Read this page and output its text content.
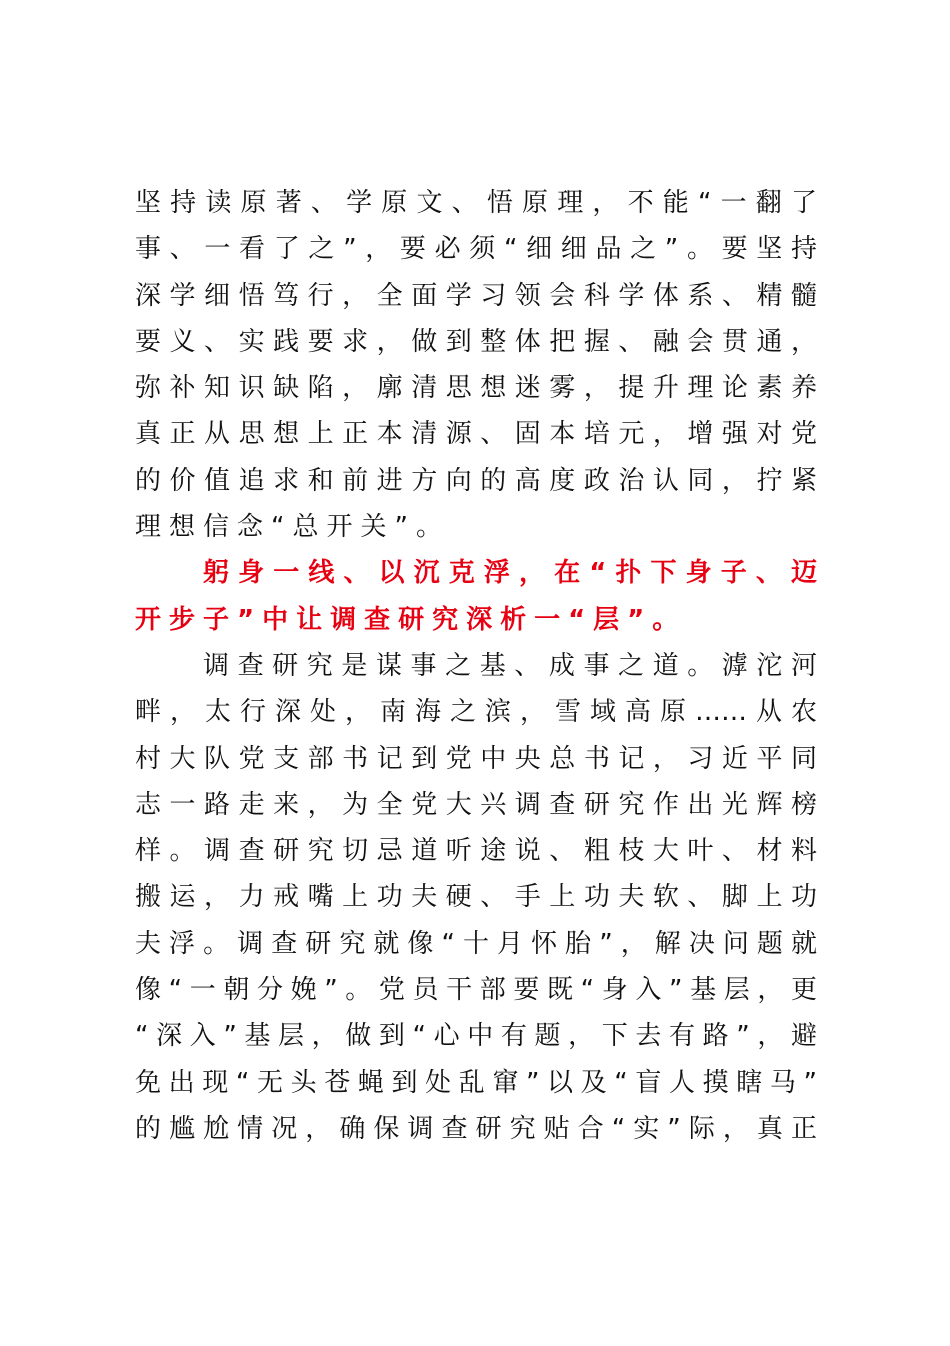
坚持读原著、学原文、悟原理，不能“一翻了
事、一看了之”，要必须“细细品之”。要坚持
深学细悟笃行，全面学习领会科学体系、精髓
要义、实践要求，做到整体把握、融会贯通，
弥补知识缺陷，廓清思想迷雾，提升理论素养
真正从思想上正本清源、固本培元，增强对党
的价值追求和前进方向的高度政治认同，拧紧
理想信念“总开关”。
躬身一线、以沉克浮，在“扑下身子、迈
开步子”中让调查研究深析一“层”。
调查研究是谋事之基、成事之道。滹沱河
畔，太行深处，南海之滨，雪域高原……从农
村大队党支部书记到党中央总书记，习近平同
志一路走来，为全党大兴调查研究作出光辉榜
样。调查研究切忌道听途说、粗枝大叶、材料
搬运，力戒嘴上功夫硬、手上功夫软、脚上功
夫浮。调查研究就像“十月怀胎”，解决问题就
像“一朝分娩”。党员干部要既“身入”基层，更
“深入”基层，做到“心中有题，下去有路”，避
免出现“无头苍蝇到处乱窜”以及“盲人摸瞎马”
的尴尬情况，确保调查研究贴合“实”际，真正
